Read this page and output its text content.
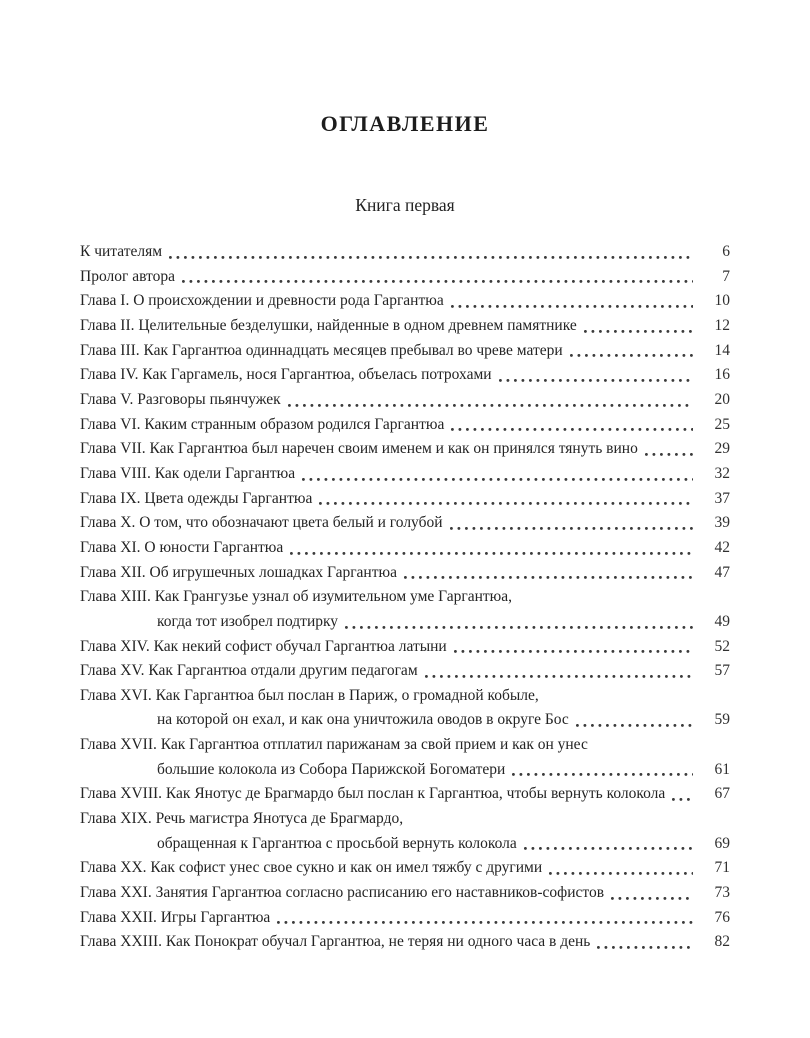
ОГЛАВЛЕНИЕ
Книга первая
К читателям	6
Пролог автора	7
Глава I. О происхождении и древности рода Гаргантюа	10
Глава II. Целительные безделушки, найденные в одном древнем памятнике	12
Глава III. Как Гаргантюа одиннадцать месяцев пребывал во чреве матери	14
Глава IV. Как Гаргамель, нося Гаргантюа, объелась потрохами	16
Глава V. Разговоры пьянчужек	20
Глава VI. Каким странным образом родился Гаргантюа	25
Глава VII. Как Гаргантюа был наречен своим именем и как он принялся тянуть вино	29
Глава VIII. Как одели Гаргантюа	32
Глава IX. Цвета одежды Гаргантюа	37
Глава X. О том, что обозначают цвета белый и голубой	39
Глава XI. О юности Гаргантюа	42
Глава XII. Об игрушечных лошадках Гаргантюа	47
Глава XIII. Как Грангузье узнал об изумительном уме Гаргантюа,
когда тот изобрел подтирку	49
Глава XIV. Как некий софист обучал Гаргантюа латыни	52
Глава XV. Как Гаргантюа отдали другим педагогам	57
Глава XVI. Как Гаргантюа был послан в Париж, о громадной кобыле,
на которой он ехал, и как она уничтожила оводов в округе Бос	59
Глава XVII. Как Гаргантюа отплатил парижанам за свой прием и как он унес
большие колокола из Собора Парижской Богоматери	61
Глава XVIII. Как Янотус де Брагмардо был послан к Гаргантюа, чтобы вернуть колокола	67
Глава XIX. Речь магистра Янотуса де Брагмардо,
обращенная к Гаргантюа с просьбой вернуть колокола	69
Глава XX. Как софист унес свое сукно и как он имел тяжбу с другими	71
Глава XXI. Занятия Гаргантюа согласно расписанию его наставников-софистов	73
Глава XXII. Игры Гаргантюа	76
Глава XXIII. Как Понократ обучал Гаргантюа, не теряя ни одного часа в день	82
